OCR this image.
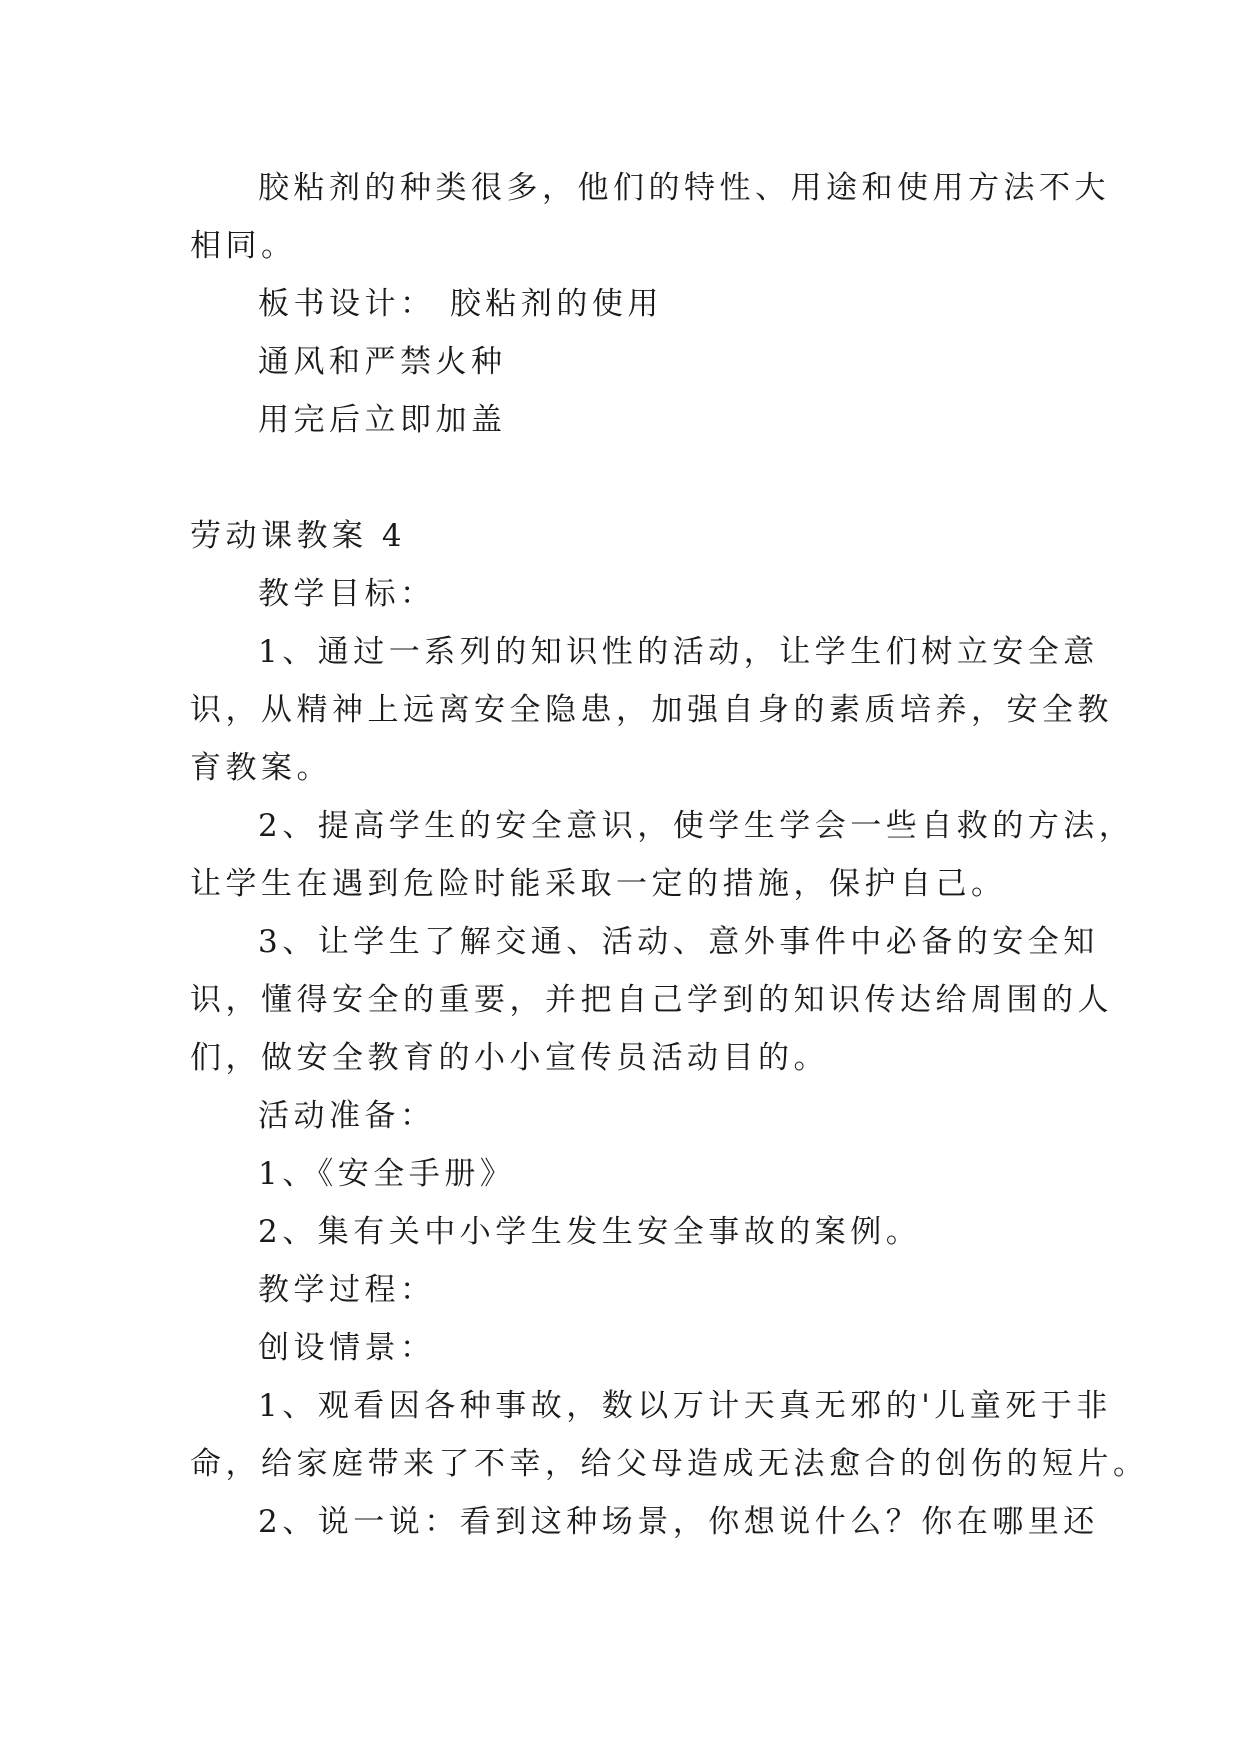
胶粘剂的种类很多，他们的特性、用途和使用方法不大
相同。
板书设计： 胶粘剂的使用
通风和严禁火种
用完后立即加盖
劳动课教案 4
教学目标：
1、通过一系列的知识性的活动，让学生们树立安全意
识，从精神上远离安全隐患，加强自身的素质培养，安全教
育教案。
2、提高学生的安全意识，使学生学会一些自救的方法，
让学生在遇到危险时能采取一定的措施，保护自己。
3、让学生了解交通、活动、意外事件中必备的安全知
识，懂得安全的重要，并把自己学到的知识传达给周围的人
们，做安全教育的小小宣传员活动目的。
活动准备：
1、《安全手册》
2、集有关中小学生发生安全事故的案例。
教学过程：
创设情景：
1、观看因各种事故，数以万计天真无邪的'儿童死于非
命，给家庭带来了不幸，给父母造成无法愈合的创伤的短片。
2、说一说：看到这种场景，你想说什么？你在哪里还
